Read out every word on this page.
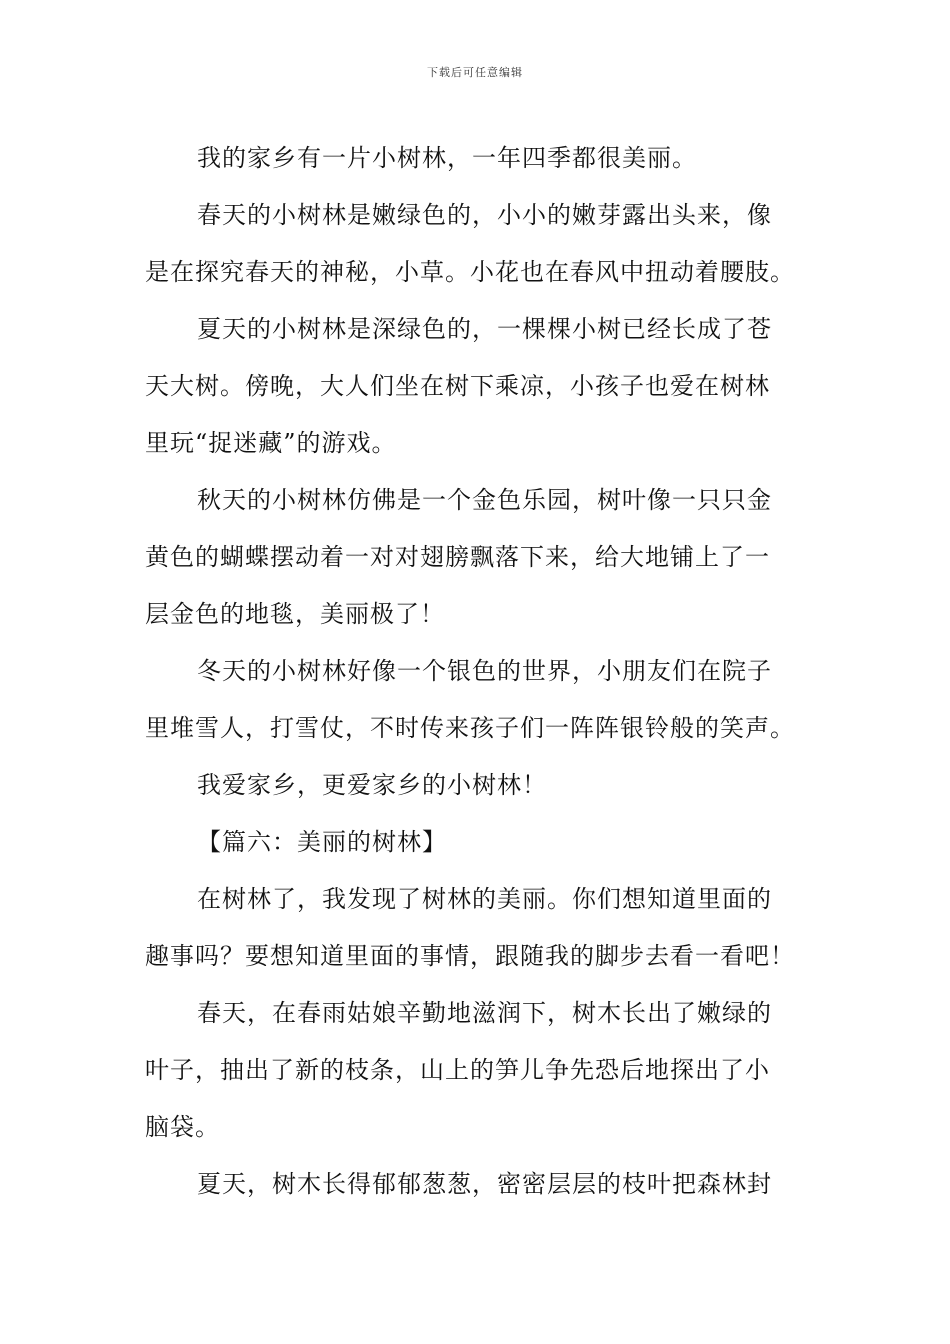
下载后可任意编辑
我的家乡有一片小树林，一年四季都很美丽。
春天的小树林是嫩绿色的，小小的嫩芽露出头来，像
是在探究春天的神秘，小草。小花也在春风中扭动着腰肢。
夏天的小树林是深绿色的，一棵棵小树已经长成了苍
天大树。傍晚，大人们坐在树下乘凉，小孩子也爱在树林
里玩“捉迷藏”的游戏。
秋天的小树林仿佛是一个金色乐园，树叶像一只只金
黄色的蝴蝶摆动着一对对翅膀飘落下来，给大地铺上了一
层金色的地毯，美丽极了！
冬天的小树林好像一个银色的世界，小朋友们在院子
里堆雪人，打雪仗，不时传来孩子们一阵阵银铃般的笑声。
我爱家乡，更爱家乡的小树林！
【篇六：美丽的树林】
在树林了，我发现了树林的美丽。你们想知道里面的
趣事吗？要想知道里面的事情，跟随我的脚步去看一看吧！
春天，在春雨姑娘辛勤地滋润下，树木长出了嫩绿的
叶子，抽出了新的枝条，山上的笋儿争先恐后地探出了小
脑袋。
夏天，树木长得郁郁葱葱，密密层层的枝叶把森林封
